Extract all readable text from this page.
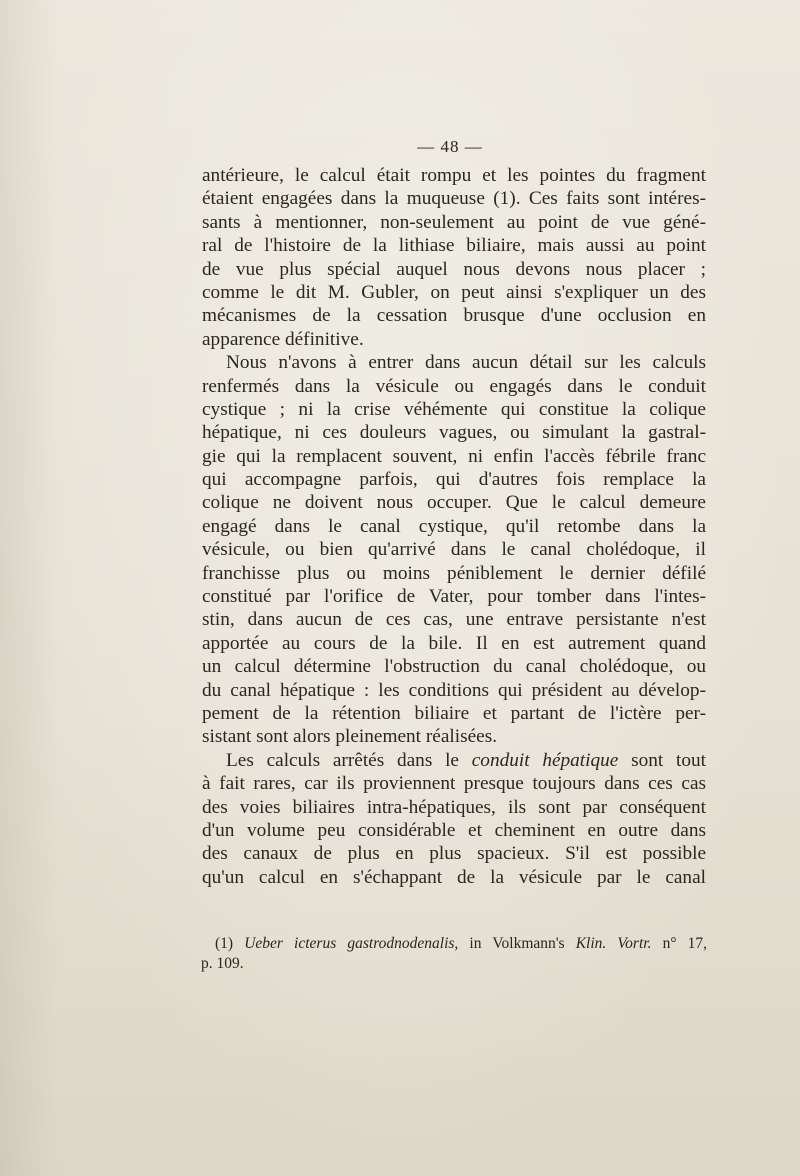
— 48 —

antérieure, le calcul était rompu et les pointes du fragment
étaient engagées dans la muqueuse (1). Ces faits sont intéres-
sants à mentionner, non-seulement au point de vue géné-
ral de l'histoire de la lithiase biliaire, mais aussi au point
de vue plus spécial auquel nous devons nous placer ;
comme le dit M. Gubler, on peut ainsi s'expliquer un des
mécanismes de la cessation brusque d'une occlusion en
apparence définitive.

Nous n'avons à entrer dans aucun détail sur les calculs
renfermés dans la vésicule ou engagés dans le conduit
cystique ; ni la crise véhémente qui constitue la colique
hépatique, ni ces douleurs vagues, ou simulant la gastral-
gie qui la remplacent souvent, ni enfin l'accès fébrile franc
qui accompagne parfois, qui d'autres fois remplace la
colique ne doivent nous occuper. Que le calcul demeure
engagé dans le canal cystique, qu'il retombe dans la
vésicule, ou bien qu'arrivé dans le canal cholédoque, il
franchisse plus ou moins péniblement le dernier défilé
constitué par l'orifice de Vater, pour tomber dans l'intes-
stin, dans aucun de ces cas, une entrave persistante n'est
apportée au cours de la bile. Il en est autrement quand
un calcul détermine l'obstruction du canal cholédoque, ou
du canal hépatique : les conditions qui président au dévelop-
pement de la rétention biliaire et partant de l'ictère per-
sistant sont alors pleinement réalisées.

Les calculs arrêtés dans le conduit hépatique sont tout
à fait rares, car ils proviennent presque toujours dans ces cas
des voies biliaires intra-hépatiques, ils sont par conséquent
d'un volume peu considérable et cheminent en outre dans
des canaux de plus en plus spacieux. S'il est possible
qu'un calcul en s'échappant de la vésicule par le canal

(1) Ueber icterus gastrodnodenalis, in Volkmann's Klin. Vortr. n° 17,
p. 109.
